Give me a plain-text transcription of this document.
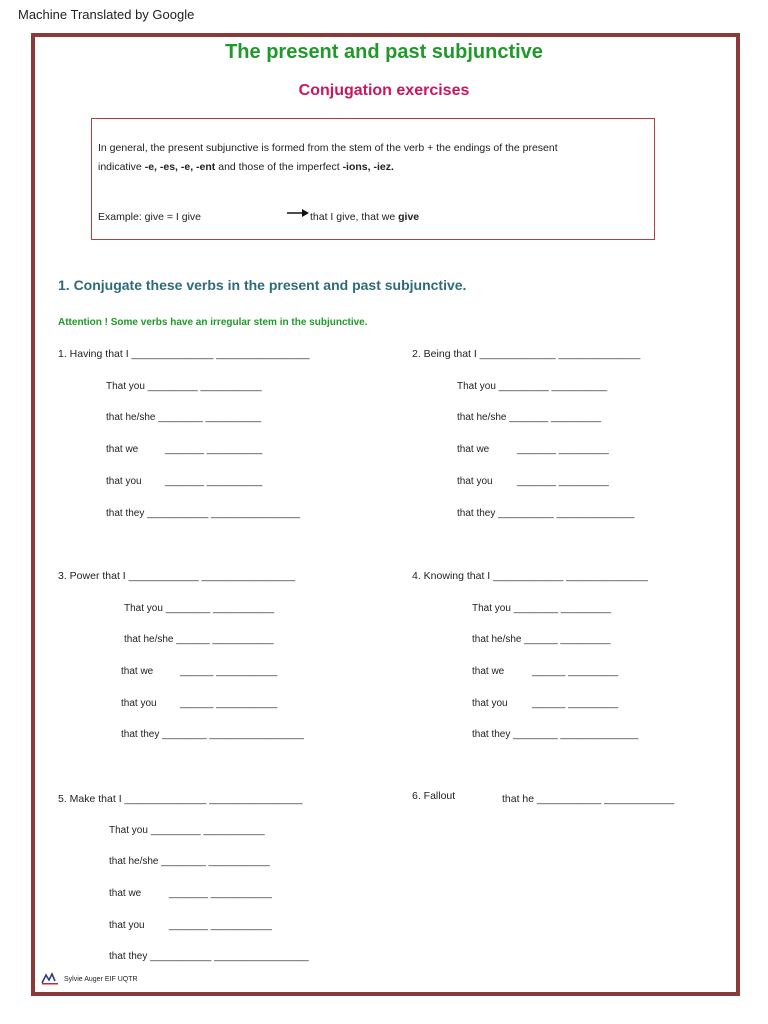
Machine Translated by Google
The present and past subjunctive
Conjugation exercises
In general, the present subjunctive is formed from the stem of the verb + the endings of the present
indicative -e, -es, -e, -ent and those of the imperfect -ions, -iez.
Example: give = I give	that I give, that we give
1. Conjugate these verbs in the present and past subjunctive.
Attention ! Some verbs have an irregular stem in the subjunctive.
1. Having that I ______________ ________________
That you _________ ___________
that he/she ________ __________
that we	_______ __________
that you _______ __________
that they ___________ ________________
2. Being that I _____________ ______________
That you _________ __________
that he/she _______ _________
that we	_______ _________
that you _______ _________
that they __________ ______________
3. Power that I ____________ ________________
That you ________ ___________
that he/she ______ ___________
that we	______ ___________
that you ______ ___________
that they ________ _________________
4. Knowing that I ____________ ______________
That you ________ _________
that he/she ______ _________
that we	______ _________
that you ______ _________
that they ________ ______________
5. Make that I ______________ ________________
That you _________ ___________
that he/she ________ ___________
that we	_______ ___________
that you _______ ___________
that they ___________ _________________
6. Fallout	that he ___________ ____________
Sylvie Auger EIF UQTR
